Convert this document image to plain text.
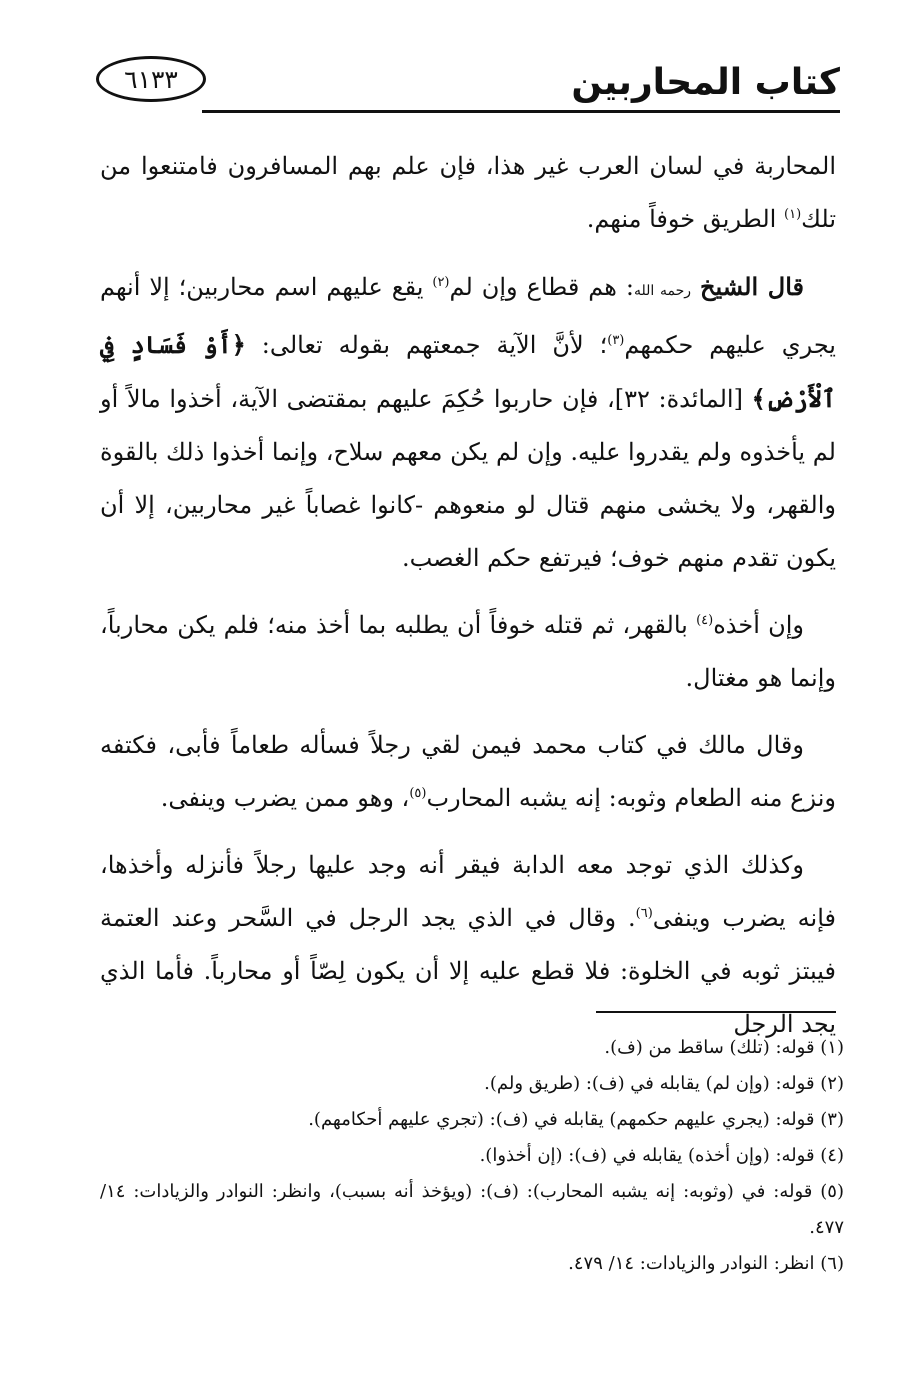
٦١٣٣	كتاب المحاربين

المحاربة في لسان العرب غير هذا، فإن علم بهم المسافرون فامتنعوا من تلك$^{(١)}$ الطريق خوفاً منهم.

قال الشيخ رحمه الله: هم قطاع وإن لم$^{(٢)}$ يقع عليهم اسم محاربين؛ إلا أنهم يجري عليهم حكمهم$^{(٣)}$؛ لأنَّ الآية جمعتهم بقوله تعالى: ﴿أَوْ فَسَادٍ فِي ٱلْأَرْضِ﴾ [المائدة: ٣٢]، فإن حاربوا حُكِمَ عليهم بمقتضى الآية، أخذوا مالاً أو لم يأخذوه ولم يقدروا عليه. وإن لم يكن معهم سلاح، وإنما أخذوا ذلك بالقوة والقهر، ولا يخشى منهم قتال لو منعوهم -كانوا غصاباً غير محاربين، إلا أن يكون تقدم منهم خوف؛ فيرتفع حكم الغصب.

وإن أخذه$^{(٤)}$ بالقهر، ثم قتله خوفاً أن يطلبه بما أخذ منه؛ فلم يكن محارباً، وإنما هو مغتال.

وقال مالك في كتاب محمد فيمن لقي رجلاً فسأله طعاماً فأبى، فكتفه ونزع منه الطعام وثوبه: إنه يشبه المحارب$^{(٥)}$، وهو ممن يضرب وينفى.

وكذلك الذي توجد معه الدابة فيقر أنه وجد عليها رجلاً فأنزله وأخذها، فإنه يضرب وينفى$^{(٦)}$. وقال في الذي يجد الرجل في السَّحر وعند العتمة فيبتز ثوبه في الخلوة: فلا قطع عليه إلا أن يكون لِصّاً أو محارباً. فأما الذي يجد الرجل

(١) قوله: (تلك) ساقط من (ف).

(٢) قوله: (وإن لم) يقابله في (ف): (طريق ولم).

(٣) قوله: (يجري عليهم حكمهم) يقابله في (ف): (تجري عليهم أحكامهم).

(٤) قوله: (وإن أخذه) يقابله في (ف): (إن أخذوا).

(٥) قوله: في (وثوبه: إنه يشبه المحارب): (ف): (ويؤخذ أنه بسبب)، وانظر: النوادر والزيادات: ١٤/ ٤٧٧.

(٦) انظر: النوادر والزيادات: ١٤/ ٤٧٩.
